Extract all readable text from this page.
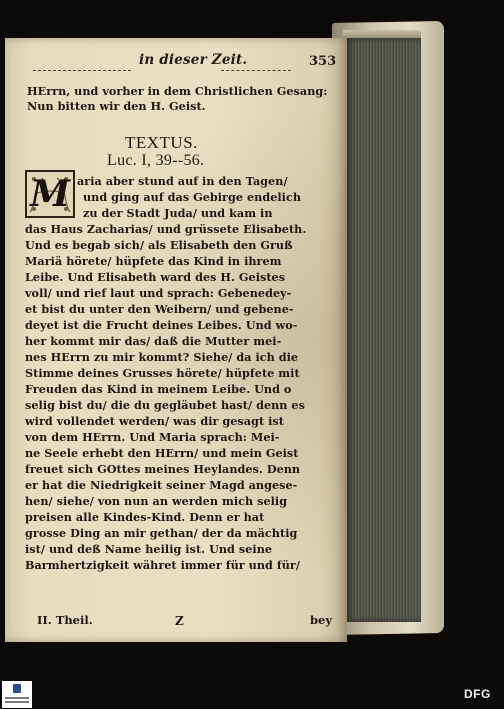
in dieser Zeit.	353
HErrn, und vorher in dem Christlichen Gesang:
Nun bitten wir den H. Geist.
TEXTUS.
Luc. I, 39--56.
M aria aber stund auf in den Tagen/
und ging auf das Gebirge endelich
zu der Stadt Juda/ und kam in
das Haus Zacharias/ und grüssete Elisabeth.
Und es begab sich/ als Elisabeth den Gruß
Mariä hörete/ hüpfete das Kind in ihrem
Leibe. Und Elisabeth ward des H. Geistes
voll/ und rief laut und sprach: Gebenedey-
et bist du unter den Weibern/ und gebene-
deyet ist die Frucht deines Leibes. Und wo-
her kommt mir das/ daß die Mutter mei-
nes HErrn zu mir kommt? Siehe/ da ich die
Stimme deines Grusses hörete/ hüpfete mit
Freuden das Kind in meinem Leibe. Und o
selig bist du/ die du gegläubet hast/ denn es
wird vollendet werden/ was dir gesagt ist
von dem HErrn. Und Maria sprach: Mei-
ne Seele erhebt den HErrn/ und mein Geist
freuet sich GOttes meines Heylandes. Denn
er hat die Niedrigkeit seiner Magd angese-
hen/ siehe/ von nun an werden mich selig
preisen alle Kindes-Kind. Denn er hat
grosse Ding an mir gethan/ der da mächtig
ist/ und deß Name heilig ist. Und seine
Barmhertzigkeit währet immer für und für/
II. Theil.	Z	bey
DFG
